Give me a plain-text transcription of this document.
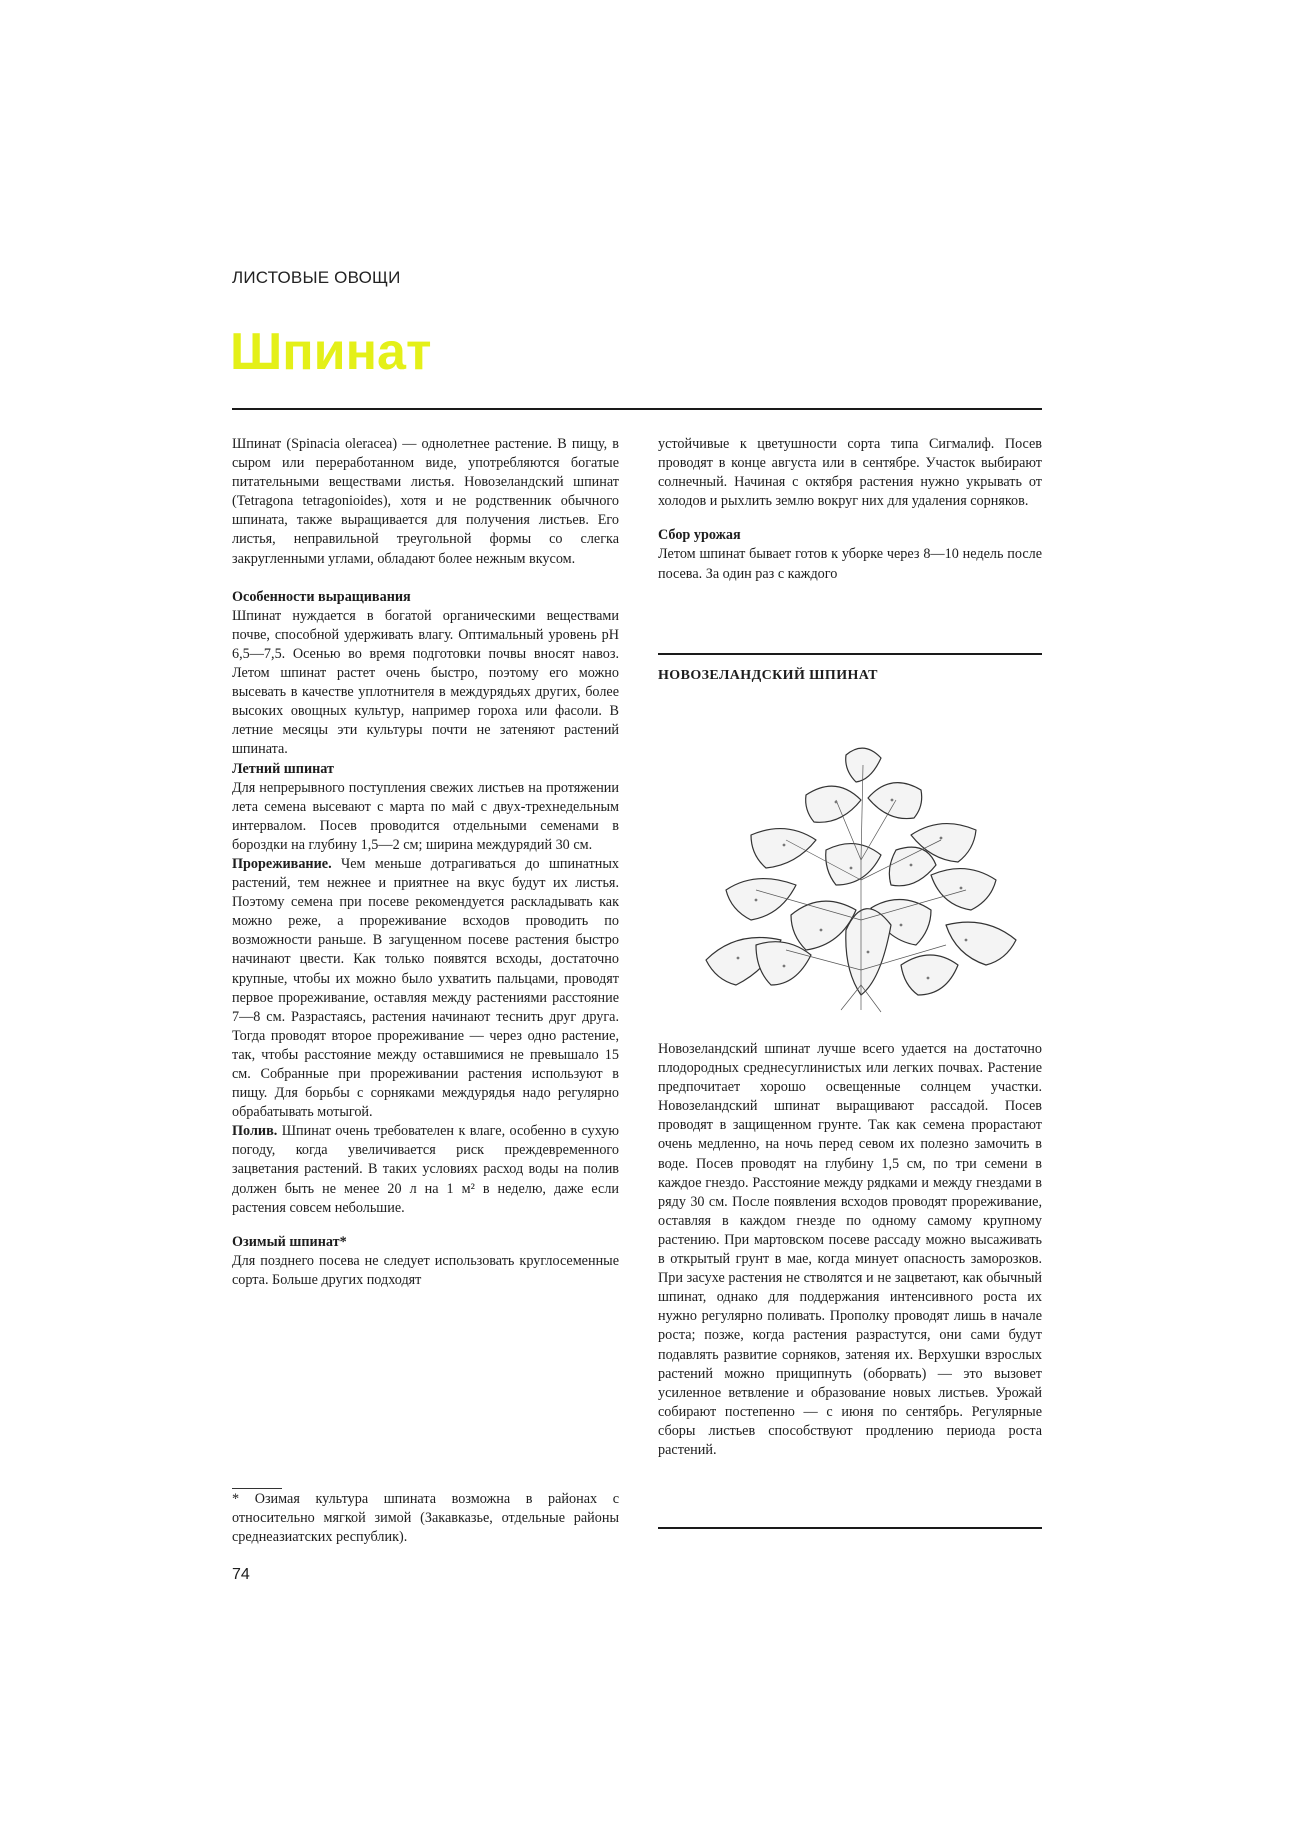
ЛИСТОВЫЕ ОВОЩИ
Шпинат

Шпинат (Spinacia oleracea) — однолетнее растение. В пищу, в сыром или переработанном виде, употребляются богатые питательными веществами листья. Новозеландский шпинат (Tetragona tetragonioides), хотя и не родственник обычного шпината, также выращивается для получения листьев. Его листья, неправильной треугольной формы со слегка закругленными углами, обладают более нежным вкусом.

Особенности выращивания

Шпинат нуждается в богатой органическими веществами почве, способной удерживать влагу. Оптимальный уровень pH 6,5—7,5. Осенью во время подготовки почвы вносят навоз. Летом шпинат растет очень быстро, поэтому его можно высевать в качестве уплотнителя в междурядьях других, более высоких овощных культур, например гороха или фасоли. В летние месяцы эти культуры почти не затеняют растений шпината.

Летний шпинат

Для непрерывного поступления свежих листьев на протяжении лета семена высевают с марта по май с двух-трехнедельным интервалом. Посев проводится отдельными семенами в бороздки на глубину 1,5—2 см; ширина междурядий 30 см.

Прореживание. Чем меньше дотрагиваться до шпинатных растений, тем нежнее и приятнее на вкус будут их листья. Поэтому семена при посеве рекомендуется раскладывать как можно реже, а прореживание всходов проводить по возможности раньше. В загущенном посеве растения быстро начинают цвести. Как только появятся всходы, достаточно крупные, чтобы их можно было ухватить пальцами, проводят первое прореживание, оставляя между растениями расстояние 7—8 см. Разрастаясь, растения начинают теснить друг друга. Тогда проводят второе прореживание — через одно растение, так, чтобы расстояние между оставшимися не превышало 15 см. Собранные при прореживании растения используют в пищу. Для борьбы с сорняками междурядья надо регулярно обрабатывать мотыгой.

Полив. Шпинат очень требователен к влаге, особенно в сухую погоду, когда увеличивается риск преждевременного зацветания растений. В таких условиях расход воды на полив должен быть не менее 20 л на 1 м² в неделю, даже если растения совсем небольшие.

Озимый шпинат*

Для позднего посева не следует использовать круглосеменные сорта. Больше других подходят

устойчивые к цветушности сорта типа Сигмалиф. Посев проводят в конце августа или в сентябре. Участок выбирают солнечный. Начиная с октября растения нужно укрывать от холодов и рыхлить землю вокруг них для удаления сорняков.

Сбор урожая

Летом шпинат бывает готов к уборке через 8—10 недель после посева. За один раз с каждого

НОВОЗЕЛАНДСКИЙ ШПИНАТ

Новозеландский шпинат лучше всего удается на достаточно плодородных среднесуглинистых или легких почвах. Растение предпочитает хорошо освещенные солнцем участки. Новозеландский шпинат выращивают рассадой. Посев проводят в защищенном грунте. Так как семена прорастают очень медленно, на ночь перед севом их полезно замочить в воде. Посев проводят на глубину 1,5 см, по три семени в каждое гнездо. Расстояние между рядками и между гнездами в ряду 30 см. После появления всходов проводят прореживание, оставляя в каждом гнезде по одному самому крупному растению. При мартовском посеве рассаду можно высаживать в открытый грунт в мае, когда минует опасность заморозков. При засухе растения не стволятся и не зацветают, как обычный шпинат, однако для поддержания интенсивного роста их нужно регулярно поливать. Прополку проводят лишь в начале роста; позже, когда растения разрастутся, они сами будут подавлять развитие сорняков, затеняя их. Верхушки взрослых растений можно прищипнуть (оборвать) — это вызовет усиленное ветвление и образование новых листьев. Урожай собирают постепенно — с июня по сентябрь. Регулярные сборы листьев способствуют продлению периода роста растений.

* Озимая культура шпината возможна в районах с относительно мягкой зимой (Закавказье, отдельные районы среднеазиатских республик).
74
